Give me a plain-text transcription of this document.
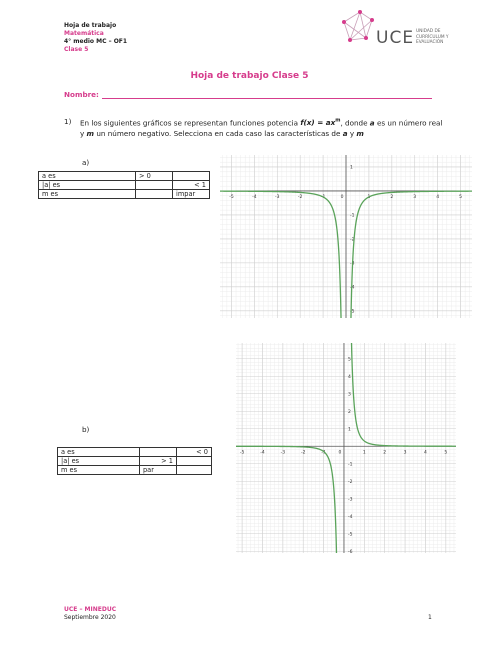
Hoja de trabajo
Matemática
4° medio MC – OF1
Clase 5
UCE UNIDAD DE
CURRÍCULUM Y
EVALUACIÓN
Hoja de trabajo Clase 5
Nombre:
1) En los siguientes gráficos se representan funciones potencia $f(x) = ax^m$, donde a es un número real y m un número negativo. Selecciona en cada caso las características de a y m
a)
a es	> 0	
|a| es		< 1
m es		impar	-5	-4	-3	-2	-1	0	1	2	3	4	5
1
-1
-2
-3
-4
-5
b)
a es		< 0
|a| es	> 1	
m es	par	
-5	-4	-3	-2	-1	0	1	2	3	4	5
5
4
3
2
1
-1
-2
-3
-4
-5
-6
UCE – MINEDUC
Septiembre 2020	1
